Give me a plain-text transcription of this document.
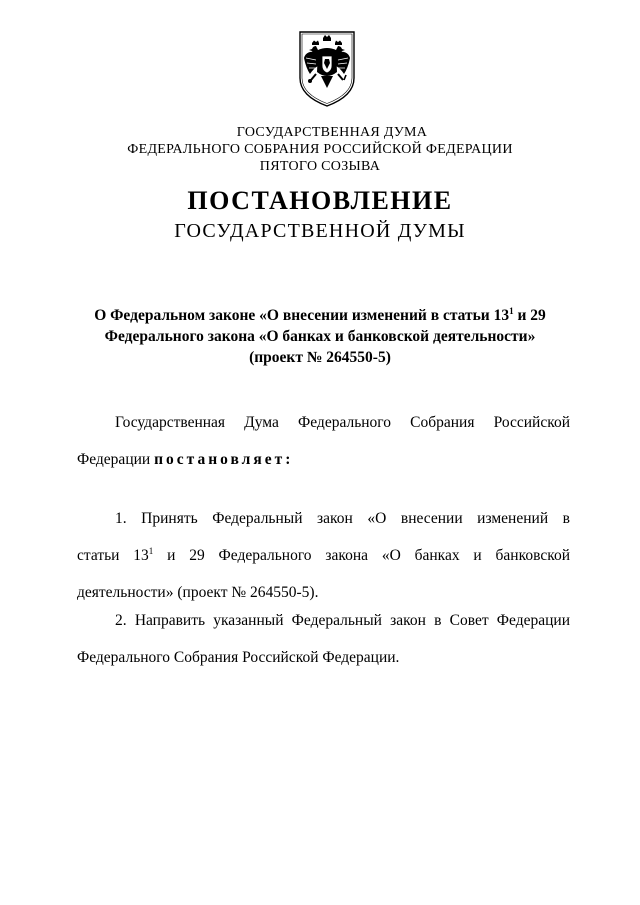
ГОСУДАРСТВЕННАЯ ДУМА
ФЕДЕРАЛЬНОГО СОБРАНИЯ РОССИЙСКОЙ ФЕДЕРАЦИИ
ПЯТОГО СОЗЫВА
ПОСТАНОВЛЕНИЕ
ГОСУДАРСТВЕННОЙ ДУМЫ
О Федеральном законе «О внесении изменений в статьи $13^1$ и 29
Федерального закона «О банках и банковской деятельности»
(проект № 264550-5)
Государственная Дума Федерального Собрания Российской
Федерации постановляет:
1. Принять Федеральный закон «О внесении изменений в
статьи $13^1$ и 29 Федерального закона «О банках и банковской
деятельности» (проект № 264550-5).
2. Направить указанный Федеральный закон в Совет Федерации
Федерального Собрания Российской Федерации.
